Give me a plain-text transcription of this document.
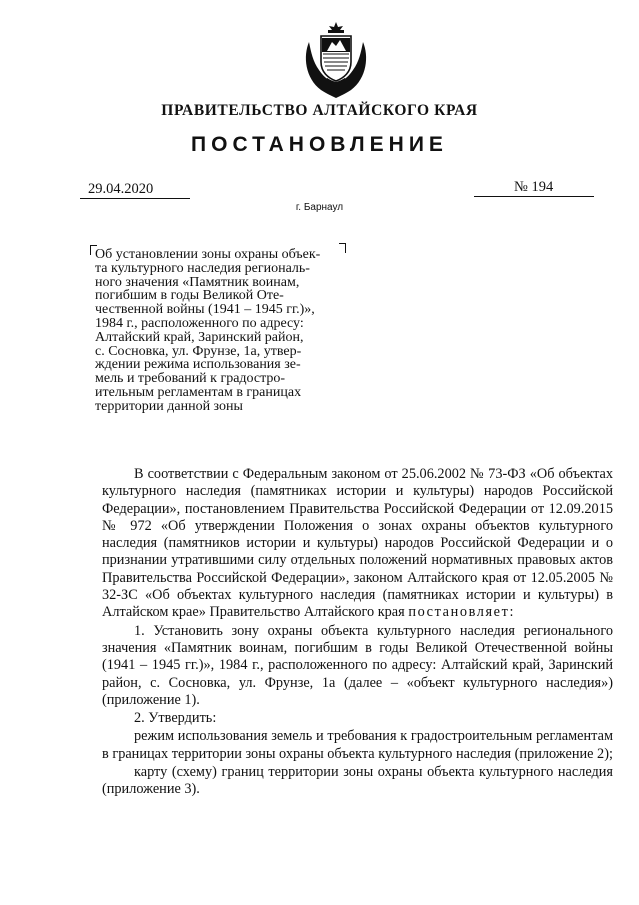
ПРАВИТЕЛЬСТВО АЛТАЙСКОГО КРАЯ
ПОСТАНОВЛЕНИЕ
29.04.2020	№ 194
г. Барнаул
Об установлении зоны охраны объек-
та культурного наследия региональ-
ного значения «Памятник воинам,
погибшим в годы Великой Оте-
чественной войны (1941 – 1945 гг.)»,
1984 г., расположенного по адресу:
Алтайский край, Заринский район,
с. Сосновка, ул. Фрунзе, 1а, утвер-
ждении режима использования зе-
мель и требований к градостро-
ительным регламентам в границах
территории данной зоны

В соответствии с Федеральным законом от 25.06.2002 № 73-ФЗ «Об объектах культурного наследия (памятниках истории и культуры) народов Российской Федерации», постановлением Правительства Российской Федерации от 12.09.2015 № 972 «Об утверждении Положения о зонах охраны объектов культурного наследия (памятников истории и культуры) народов Российской Федерации и о признании утратившими силу отдельных положений нормативных правовых актов Правительства Российской Федерации», законом Алтайского края от 12.05.2005 № 32-ЗС «Об объектах культурного наследия (памятниках истории и культуры) в Алтайском крае» Правительство Алтайского края постановляет:

1. Установить зону охраны объекта культурного наследия регионального значения «Памятник воинам, погибшим в годы Великой Отечественной войны (1941 – 1945 гг.)», 1984 г., расположенного по адресу: Алтайский край, Заринский район, с. Сосновка, ул. Фрунзе, 1а (далее – «объект культурного наследия») (приложение 1).

2. Утвердить:

режим использования земель и требования к градостроительным регламентам в границах территории зоны охраны объекта культурного наследия (приложение 2);

карту (схему) границ территории зоны охраны объекта культурного наследия (приложение 3).
